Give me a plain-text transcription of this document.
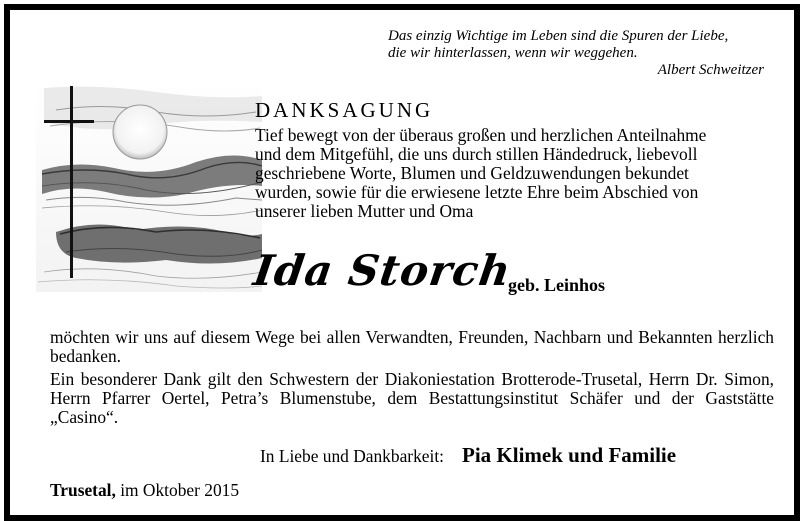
Das einzig Wichtige im Leben sind die Spuren der Liebe,
die wir hinterlassen, wenn wir weggehen.
Albert Schweitzer
DANKSAGUNG
Tief bewegt von der überaus großen und herzlichen Anteilnahme
und dem Mitgefühl, die uns durch stillen Händedruck, liebevoll
geschriebene Worte, Blumen und Geldzuwendungen bekundet
wurden, sowie für die erwiesene letzte Ehre beim Abschied von
unserer lieben Mutter und Oma
Ida Storch
geb. Leinhos
möchten wir uns auf diesem Wege bei allen Verwandten, Freunden, Nachbarn und Bekannten herzlich bedanken.
Ein besonderer Dank gilt den Schwestern der Diakoniestation Brotterode-Trusetal, Herrn Dr. Simon, Herrn Pfarrer Oertel, Petra’s Blumenstube, dem Bestattungsinstitut Schäfer und der Gaststätte „Casino“.
In Liebe und Dankbarkeit: Pia Klimek und Familie
Trusetal, im Oktober 2015
